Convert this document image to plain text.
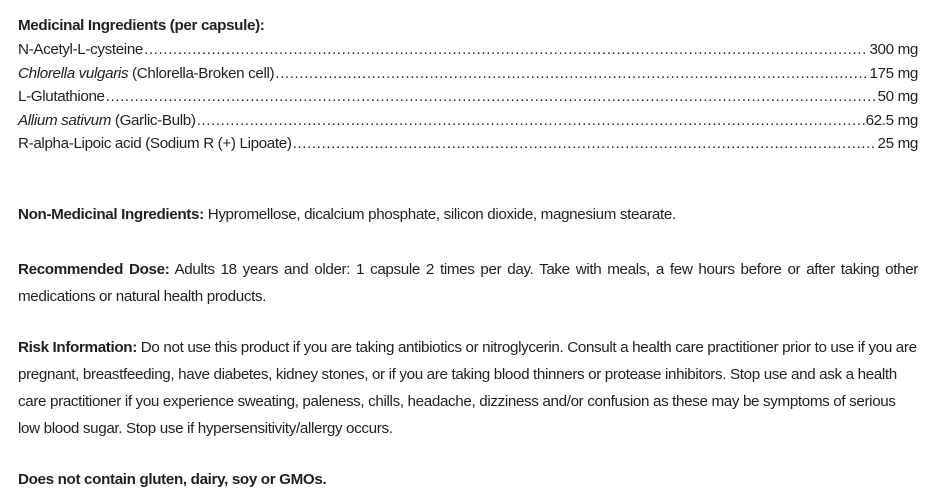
Medicinal Ingredients (per capsule):

N-Acetyl-L-cysteine .....	300 mg
Chlorella vulgaris (Chlorella-Broken cell) .....	175 mg
L-Glutathione .....	50 mg
Allium sativum (Garlic-Bulb) .....	62.5 mg
R-alpha-Lipoic acid (Sodium R (+) Lipoate) .....	25 mg

Non-Medicinal Ingredients: Hypromellose, dicalcium phosphate, silicon dioxide, magnesium stearate.

Recommended Dose: Adults 18 years and older: 1 capsule 2 times per day. Take with meals, a few hours before or after taking other medications or natural health products.

Risk Information: Do not use this product if you are taking antibiotics or nitroglycerin. Consult a health care practitioner prior to use if you are pregnant, breastfeeding, have diabetes, kidney stones, or if you are taking blood thinners or protease inhibitors. Stop use and ask a health care practitioner if you experience sweating, paleness, chills, headache, dizziness and/or confusion as these may be symptoms of serious low blood sugar. Stop use if hypersensitivity/allergy occurs.

Does not contain gluten, dairy, soy or GMOs.
